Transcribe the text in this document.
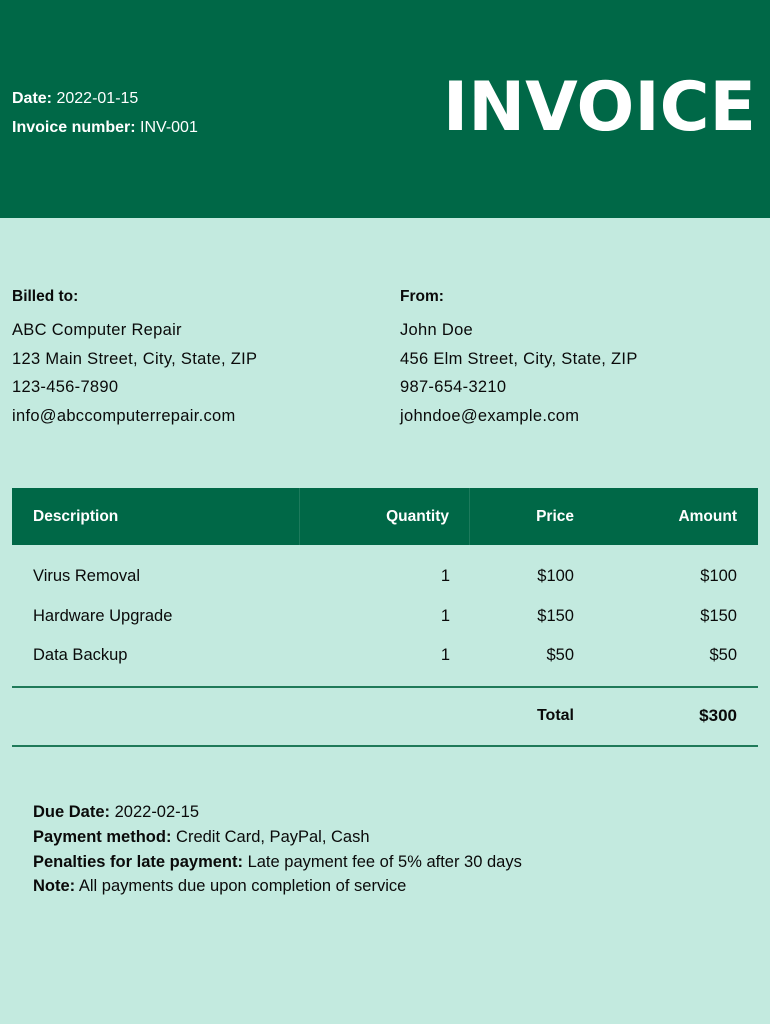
Date: 2022-01-15
Invoice number: INV-001	INVOICE
Billed to:
ABC Computer Repair
123 Main Street, City, State, ZIP
123-456-7890
info@abccomputerrepair.com
From:
John Doe
456 Elm Street, City, State, ZIP
987-654-3210
johndoe@example.com
Description	Quantity	Price	Amount
Virus Removal	1	$100	$100
Hardware Upgrade	1	$150	$150
Data Backup	1	$50	$50
Total	$300
Due Date: 2022-02-15
Payment method: Credit Card, PayPal, Cash
Penalties for late payment: Late payment fee of 5% after 30 days
Note: All payments due upon completion of service
